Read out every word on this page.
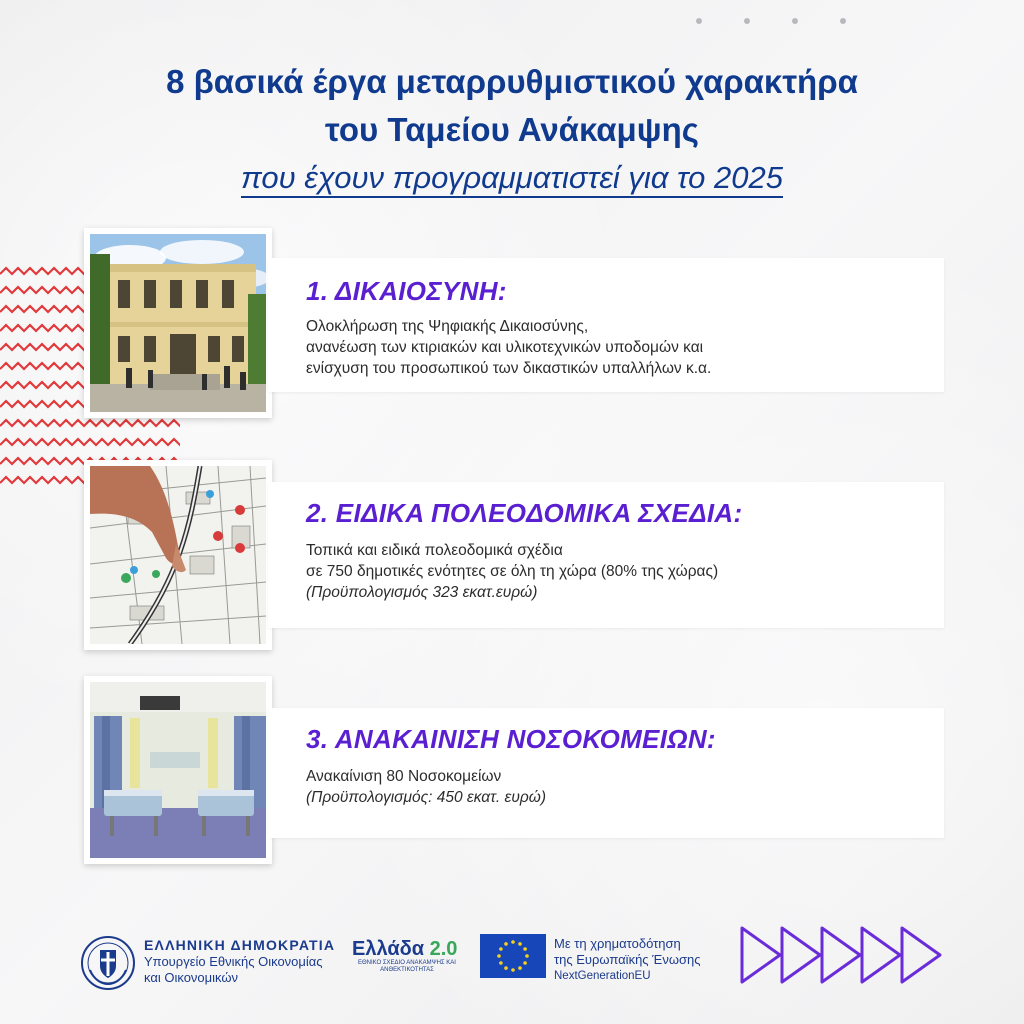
8 βασικά έργα μεταρρυθμιστικού χαρακτήρα
του Ταμείου Ανάκαμψης
που έχουν προγραμματιστεί για το 2025
1. ΔΙΚΑΙΟΣΥΝΗ:

Ολοκλήρωση της Ψηφιακής Δικαιοσύνης,

ανανέωση των κτιριακών και υλικοτεχνικών υποδομών και

ενίσχυση του προσωπικού των δικαστικών υπαλλήλων κ.α.

2. ΕΙΔΙΚΑ ΠΟΛΕΟΔΟΜΙΚΑ ΣΧΕΔΙΑ:

Τοπικά και ειδικά πολεοδομικά σχέδια

σε 750 δημοτικές ενότητες σε όλη τη χώρα (80% της χώρας)

(Προϋπολογισμός 323 εκατ.ευρώ)

3. ΑΝΑΚΑΙΝΙΣΗ ΝΟΣΟΚΟΜΕΙΩΝ:

Ανακαίνιση 80 Νοσοκομείων

(Προϋπολογισμός: 450 εκατ. ευρώ)

ΕΛΛΗΝΙΚΗ ΔΗΜΟΚΡΑΤΙΑ
Υπουργείο Εθνικής Οικονομίας
και Οικονομικών
Ελλάδα 2.0
ΕΘΝΙΚΟ ΣΧΕΔΙΟ ΑΝΑΚΑΜΨΗΣ ΚΑΙ ΑΝΘΕΚΤΙΚΟΤΗΤΑΣ
Με τη χρηματοδότηση
της Ευρωπαϊκής Ένωσης
NextGenerationEU
